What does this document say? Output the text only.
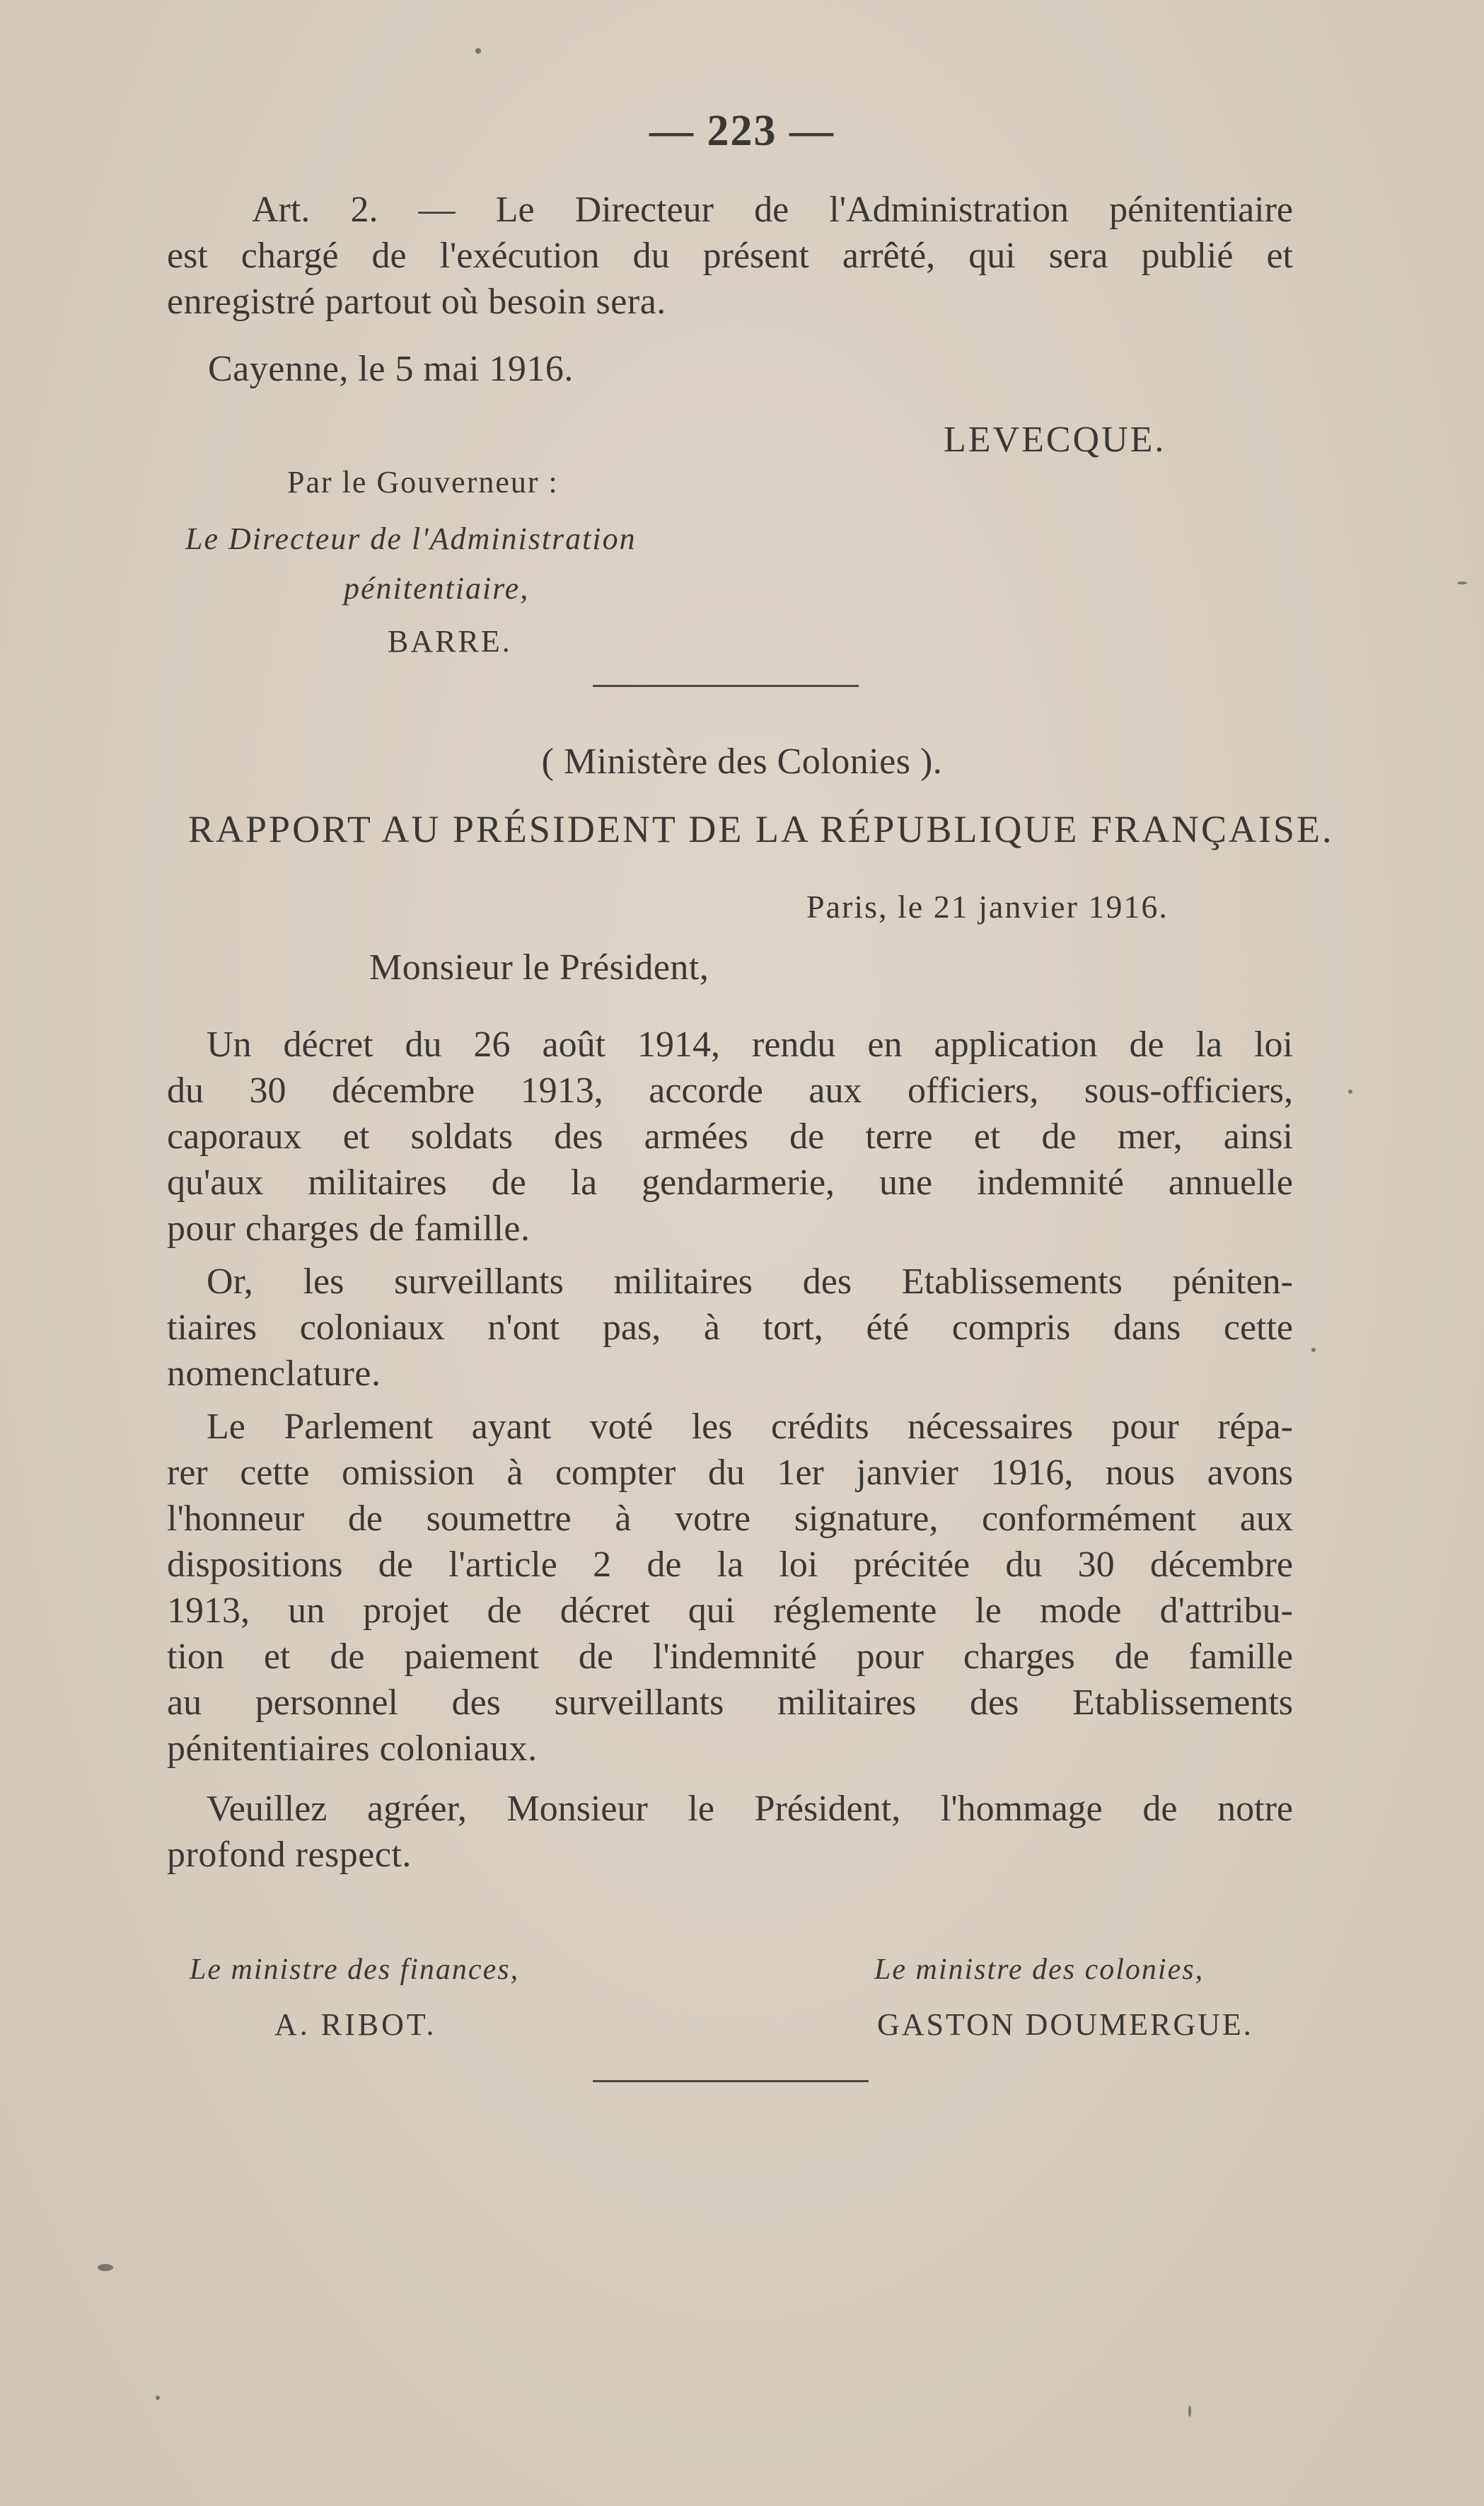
— 223 —
Art. 2. — Le Directeur de l'Administration pénitentiaire
est chargé de l'exécution du présent arrêté, qui sera publié et
enregistré partout où besoin sera.
Cayenne, le 5 mai 1916.
LEVECQUE.
Par le Gouverneur :
Le Directeur de l'Administration
pénitentiaire,
BARRE.
( Ministère des Colonies ).
RAPPORT AU PRÉSIDENT DE LA RÉPUBLIQUE FRANÇAISE.
Paris, le 21 janvier 1916.
Monsieur le Président,
Un décret du 26 août 1914, rendu en application de la loi
du 30 décembre 1913, accorde aux officiers, sous-officiers,
caporaux et soldats des armées de terre et de mer, ainsi
qu'aux militaires de la gendarmerie, une indemnité annuelle
pour charges de famille.
Or, les surveillants militaires des Etablissements péniten-
tiaires coloniaux n'ont pas, à tort, été compris dans cette
nomenclature.
Le Parlement ayant voté les crédits nécessaires pour répa-
rer cette omission à compter du 1er janvier 1916, nous avons
l'honneur de soumettre à votre signature, conformément aux
dispositions de l'article 2 de la loi précitée du 30 décembre
1913, un projet de décret qui réglemente le mode d'attribu-
tion et de paiement de l'indemnité pour charges de famille
au personnel des surveillants militaires des Etablissements
pénitentiaires coloniaux.
Veuillez agréer, Monsieur le Président, l'hommage de notre
profond respect.
Le ministre des finances,
A. RIBOT.
Le ministre des colonies,
GASTON DOUMERGUE.
